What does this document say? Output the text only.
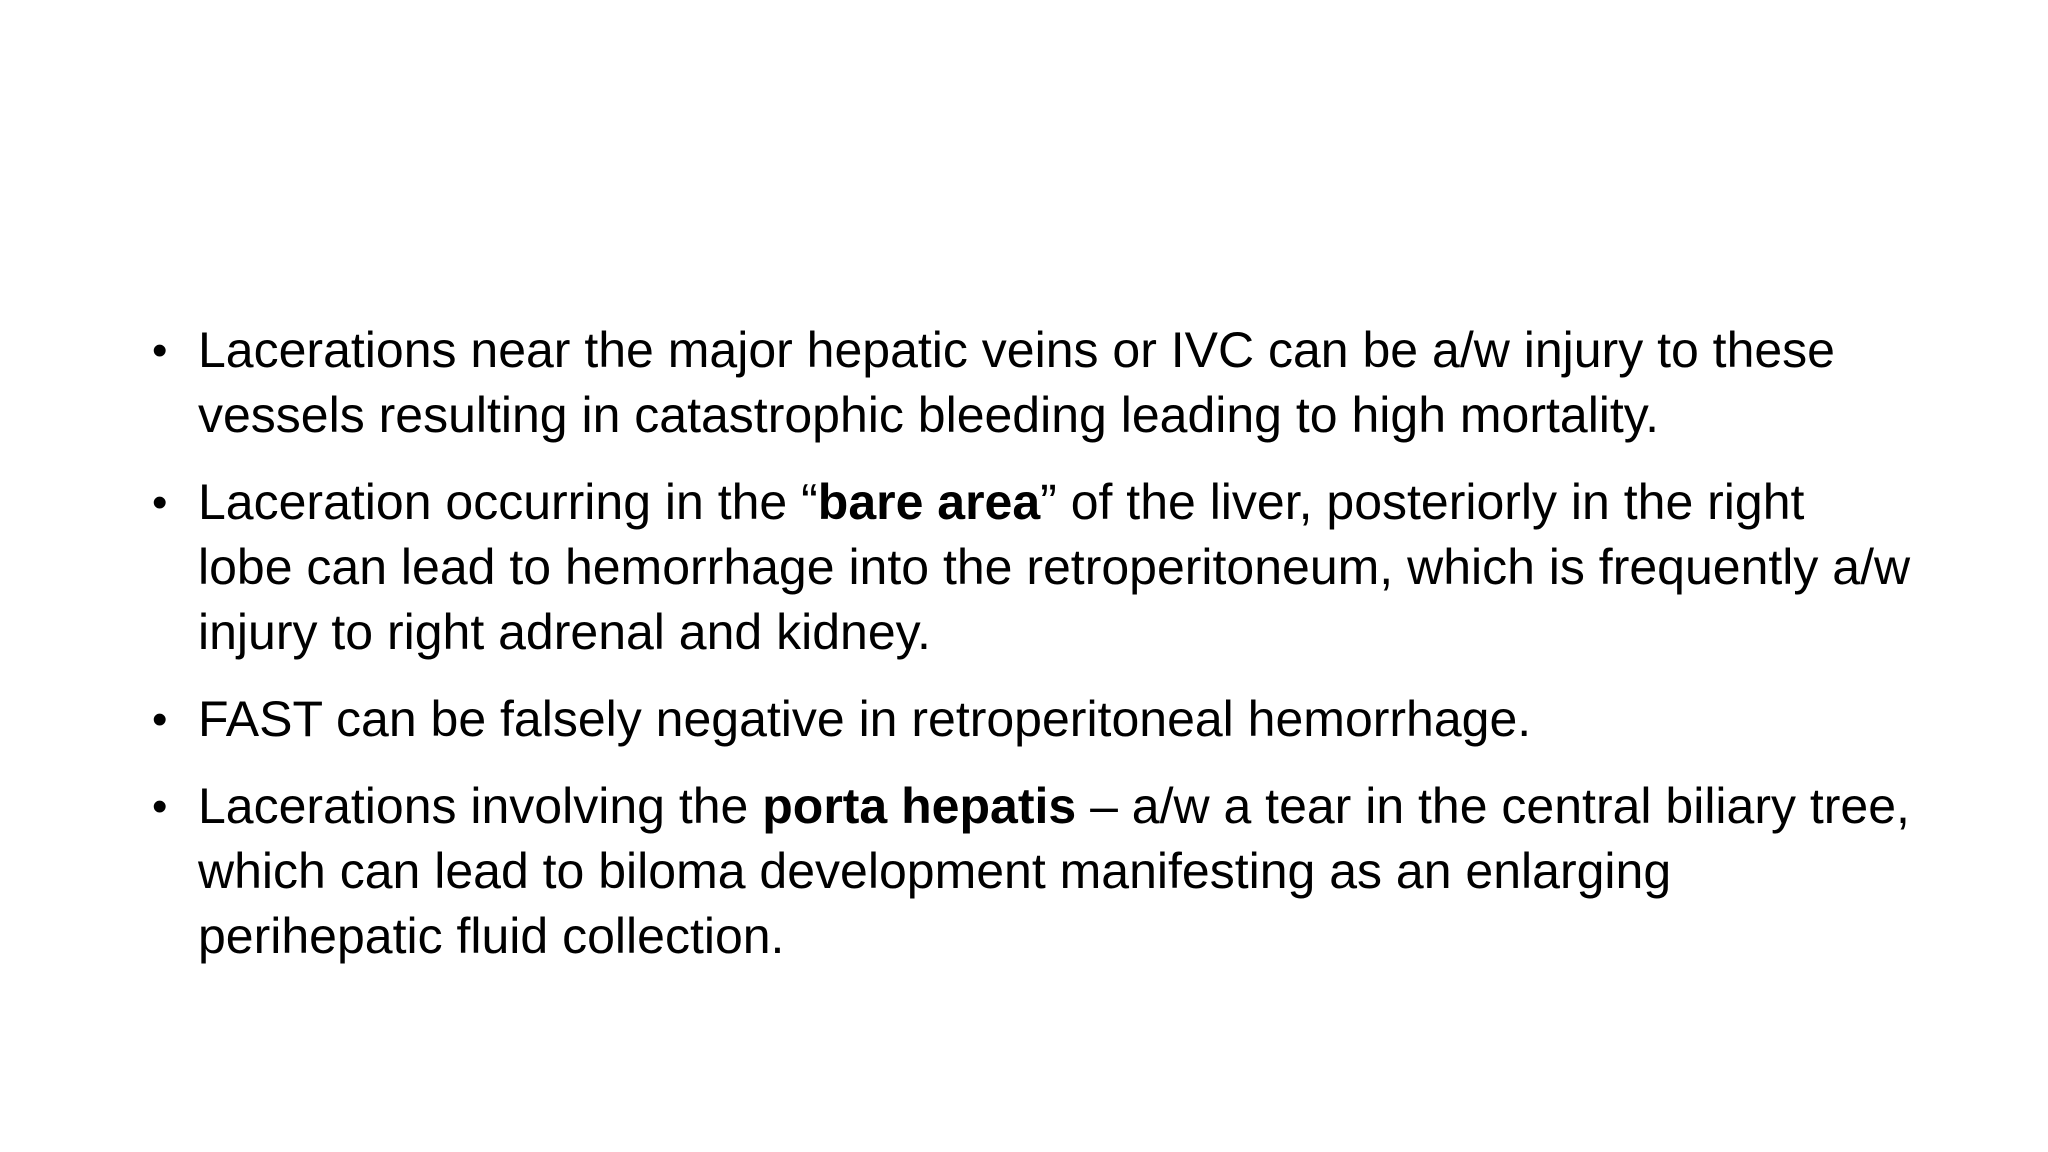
• Lacerations near the major hepatic veins or IVC can be a/w injury to these vessels resulting in catastrophic bleeding leading to high mortality.
• Laceration occurring in the “bare area” of the liver, posteriorly in the right lobe can lead to hemorrhage into the retroperitoneum, which is frequently a/w injury to right adrenal and kidney.
• FAST can be falsely negative in retroperitoneal hemorrhage.
• Lacerations involving the porta hepatis – a/w a tear in the central biliary tree, which can lead to biloma development manifesting as an enlarging perihepatic fluid collection.
